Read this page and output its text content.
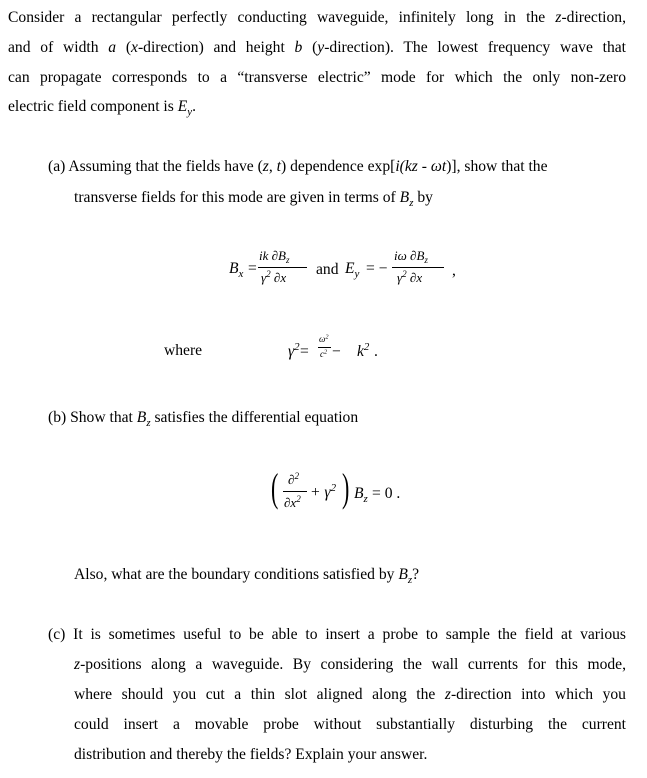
Consider a rectangular perfectly conducting waveguide, infinitely long in the z-direction,
and of width a (x-direction) and height b (y-direction). The lowest frequency wave that
can propagate corresponds to a “transverse electric” mode for which the only non-zero
electric field component is $E_y$.
(a) Assuming that the fields have (z, t) dependence exp[i(kz - ωt)], show that the
transverse fields for this mode are given in terms of $B_z$ by
$B_x$ =
ik $\partial B_z$
$\gamma^2$ ∂x and $E_y$ = −
iω $\partial B_z$
$\gamma^2$ ∂x ,
where	$\gamma^2$ =
$\omega^2$
$c^2 - k^2$ .
(b) Show that $B_z$ satisfies the differential equation
( ∂$^2$
$\partial x^2 + \gamma^2$ ) $B_z = 0$ .
Also, what are the boundary conditions satisfied by $B_z$?
(c) It is sometimes useful to be able to insert a probe to sample the field at various
z-positions along a waveguide. By considering the wall currents for this mode,
where should you cut a thin slot aligned along the z-direction into which you
could insert a movable probe without substantially disturbing the current
distribution and thereby the fields? Explain your answer.
